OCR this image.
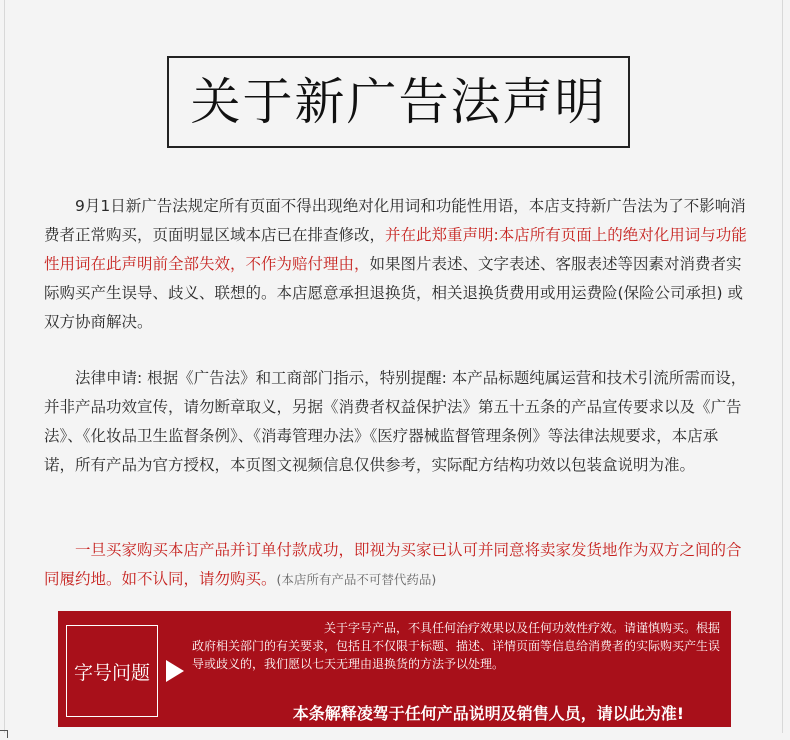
关于新广告法声明

9月1日新广告法规定所有页面不得出现绝对化用词和功能性用语，本店支持新广告法为了不影响消费者正常购买，页面明显区域本店已在排查修改，并在此郑重声明:本店所有页面上的绝对化用词与功能性用词在此声明前全部失效，不作为赔付理由，如果图片表述、文字表述、客服表述等因素对消费者实际购买产生误导、歧义、联想的。本店愿意承担退换货，相关退换货费用或用运费险(保险公司承担) 或双方协商解决。

法律申请: 根据《广告法》和工商部门指示，特别提醒: 本产品标题纯属运营和技术引流所需而设，并非产品功效宣传，请勿断章取义，另据《消费者权益保护法》第五十五条的产品宣传要求以及《广告法》、《化妆品卫生监督条例》、《消毒管理办法》《医疗器械监督管理条例》等法律法规要求，本店承诺，所有产品为官方授权，本页图文视频信息仅供参考，实际配方结构功效以包装盒说明为准。

一旦买家购买本店产品并订单付款成功，即视为买家已认可并同意将卖家发货地作为双方之间的合同履约地。如不认同，请勿购买。(本店所有产品不可替代药品)

字号问题

关于字号产品，不具任何治疗效果以及任何功效性疗效。请谨慎购买。根据政府相关部门的有关要求，包括且不仅限于标题、描述、详情页面等信息给消费者的实际购买产生误导或歧义的，我们愿以七天无理由退换货的方法予以处理。

本条解释凌驾于任何产品说明及销售人员，请以此为准!
